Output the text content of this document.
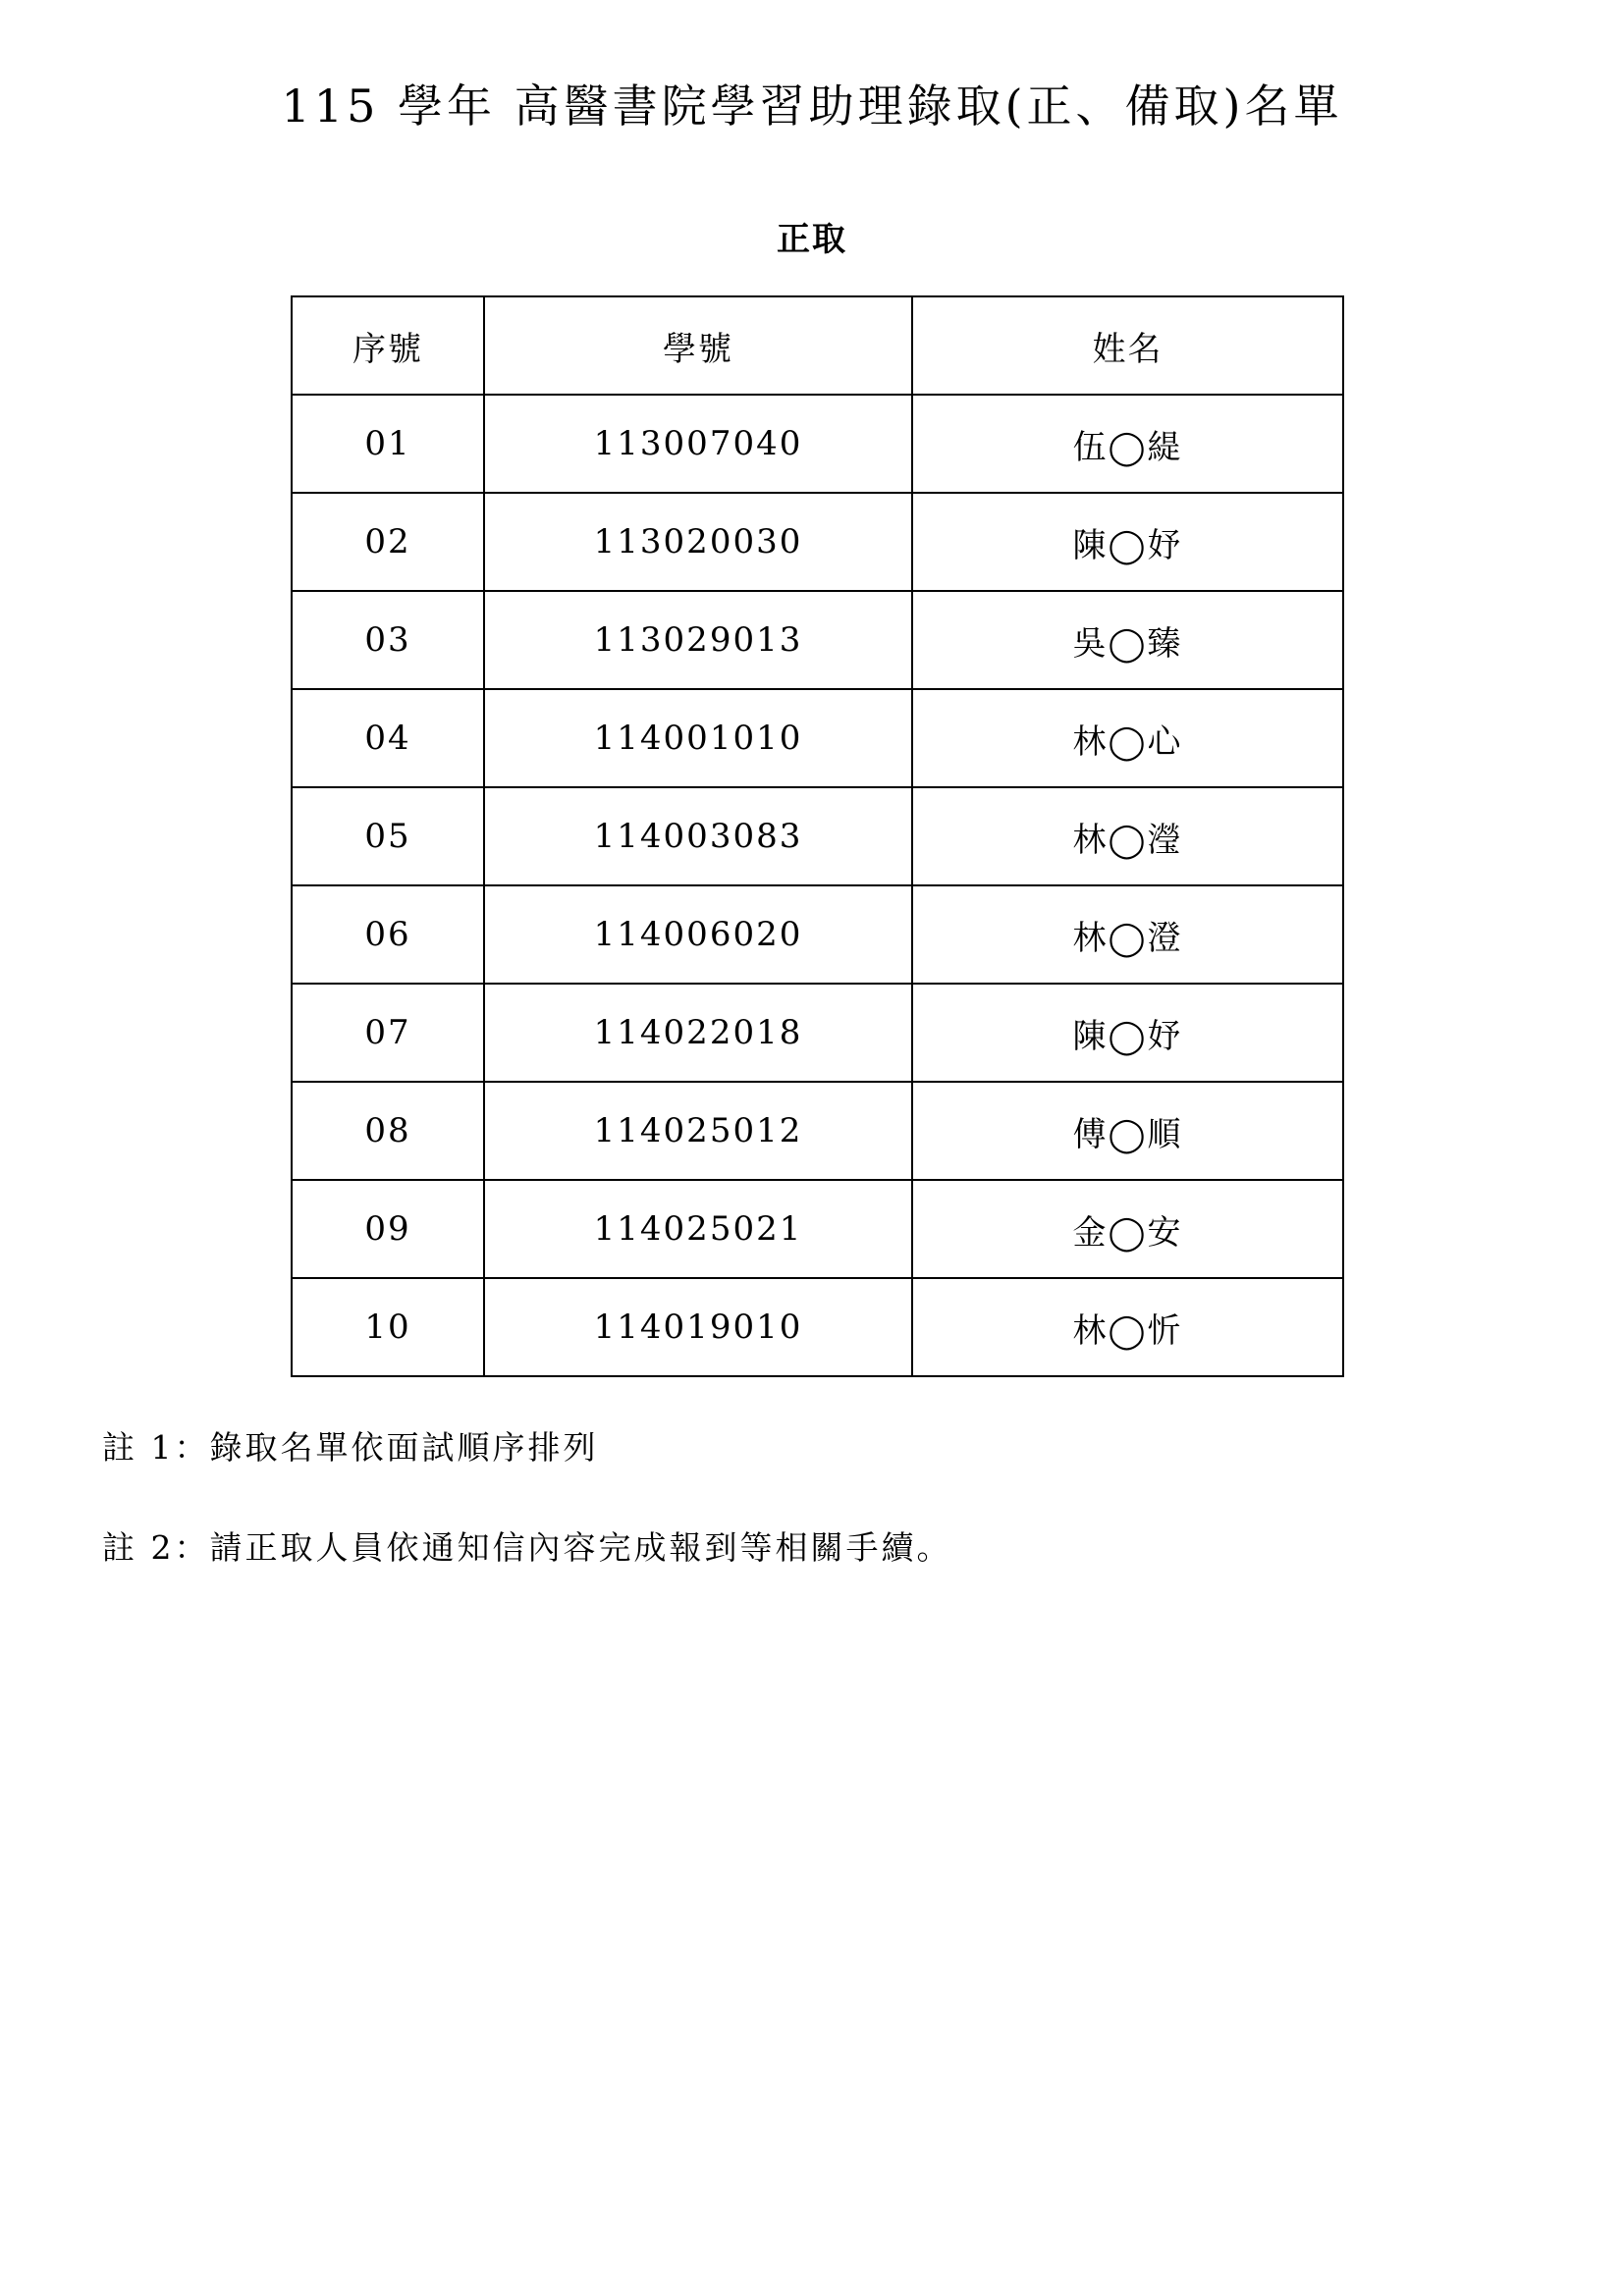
115 學年 高醫書院學習助理錄取(正、備取)名單
正取
序號	學號	姓名
01	113007040	伍◯緹
02	113020030	陳◯妤
03	113029013	吳◯臻
04	114001010	林◯心
05	114003083	林◯瀅
06	114006020	林◯澄
07	114022018	陳◯妤
08	114025012	傅◯順
09	114025021	金◯安
10	114019010	林◯忻
註 1：錄取名單依面試順序排列
註 2：請正取人員依通知信內容完成報到等相關手續。
